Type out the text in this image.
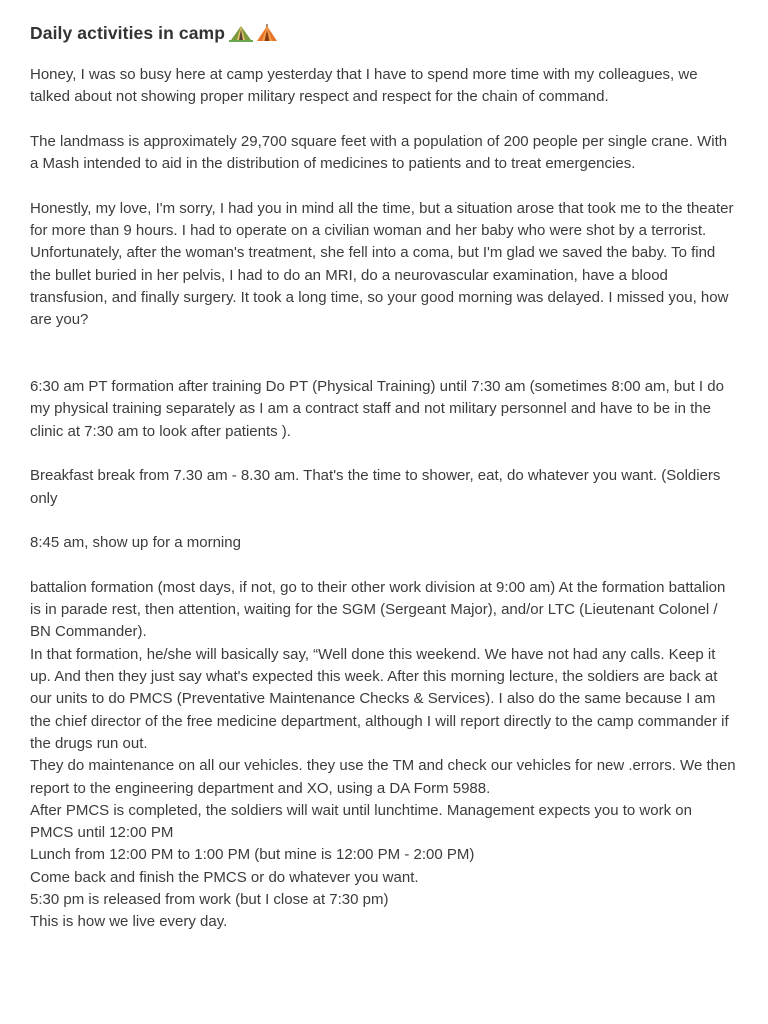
Daily activities in camp

Honey, I was so busy here at camp yesterday that I have to spend more time with my colleagues, we talked about not showing proper military respect and respect for the chain of command.

The landmass is approximately 29,700 square feet with a population of 200 people per single crane. With a Mash intended to aid in the distribution of medicines to patients and to treat emergencies.

Honestly, my love, I'm sorry, I had you in mind all the time, but a situation arose that took me to the theater for more than 9 hours. I had to operate on a civilian woman and her baby who were shot by a terrorist. Unfortunately, after the woman's treatment, she fell into a coma, but I'm glad we saved the baby. To find the bullet buried in her pelvis, I had to do an MRI, do a neurovascular examination, have a blood transfusion, and finally surgery. It took a long time, so your good morning was delayed. I missed you, how are you?

6:30 am PT formation after training Do PT (Physical Training) until 7:30 am (sometimes 8:00 am, but I do my physical training separately as I am a contract staff and not military personnel and have to be in the clinic at 7:30 am to look after patients ).

Breakfast break from 7.30 am - 8.30 am. That's the time to shower, eat, do whatever you want. (Soldiers only

8:45 am, show up for a morning

battalion formation (most days, if not, go to their other work division at 9:00 am) At the formation battalion is in parade rest, then attention, waiting for the SGM (Sergeant Major), and/or LTC (Lieutenant Colonel / BN Commander).
In that formation, he/she will basically say, “Well done this weekend. We have not had any calls. Keep it up. And then they just say what's expected this week. After this morning lecture, the soldiers are back at our units to do PMCS (Preventative Maintenance Checks & Services). I also do the same because I am the chief director of the free medicine department, although I will report directly to the camp commander if the drugs run out.
They do maintenance on all our vehicles. they use the TM and check our vehicles for new .errors. We then report to the engineering department and XO, using a DA Form 5988.
After PMCS is completed, the soldiers will wait until lunchtime. Management expects you to work on PMCS until 12:00 PM
Lunch from 12:00 PM to 1:00 PM (but mine is 12:00 PM - 2:00 PM)
Come back and finish the PMCS or do whatever you want.
5:30 pm is released from work (but I close at 7:30 pm)
This is how we live every day.
